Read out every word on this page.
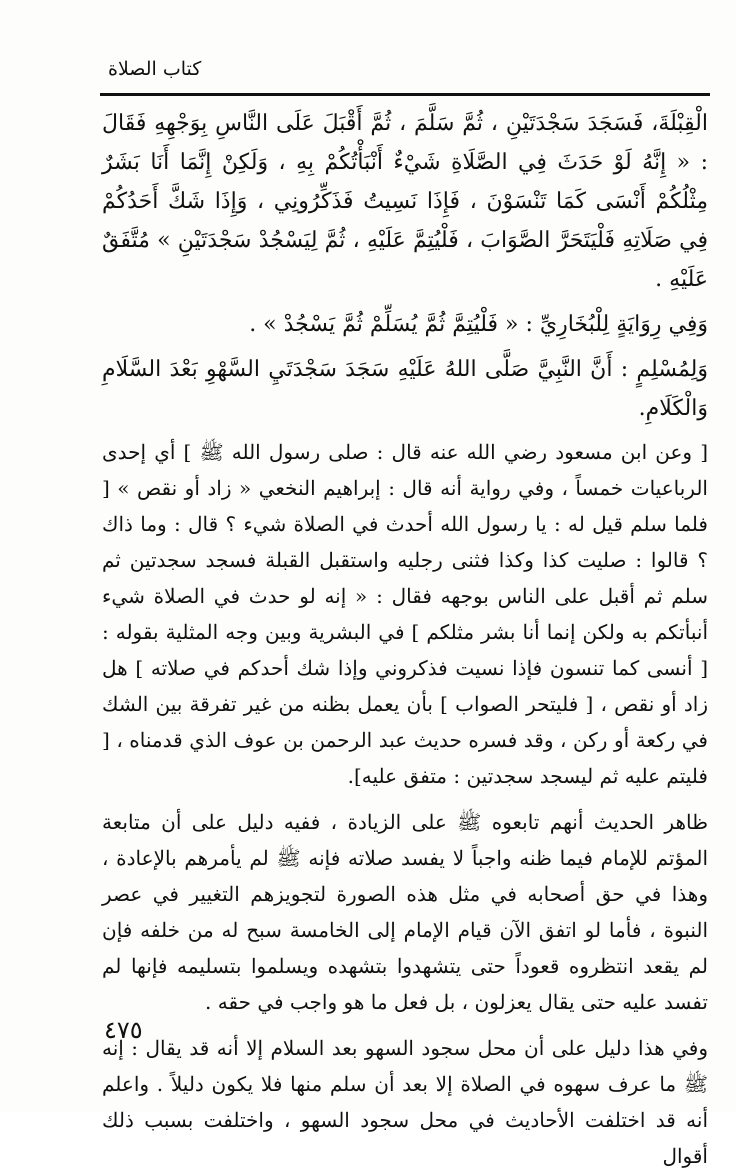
كتاب الصلاة

الْقِبْلَةَ، فَسَجَدَ سَجْدَتَيْنِ ، ثُمَّ سَلَّمَ ، ثُمَّ أَقْبَلَ عَلَى النَّاسِ بِوَجْهِهِ فَقَالَ : « إِنَّهُ لَوْ حَدَثَ فِي الصَّلَاةِ شَيْءٌ أَنْبَأْتُكُمْ بِهِ ، وَلَكِنْ إِنَّمَا أَنَا بَشَرٌ مِثْلُكُمْ أَنْسَى كَمَا تَنْسَوْنَ ، فَإِذَا نَسِيتُ فَذَكِّرُونِي ، وَإِذَا شَكَّ أَحَدُكُمْ فِي صَلَاتِهِ فَلْيَتَحَرَّ الصَّوَابَ ، فَلْيُتِمَّ عَلَيْهِ ، ثُمَّ لِيَسْجُدْ سَجْدَتَيْنِ » مُتَّفَقٌ عَلَيْهِ .

وَفِي رِوَايَةٍ لِلْبُخَارِيِّ : « فَلْيُتِمَّ ثُمَّ يُسَلِّمْ ثُمَّ يَسْجُدْ » .

وَلِمُسْلِمٍ : أَنَّ النَّبِيَّ صَلَّى اللهُ عَلَيْهِ سَجَدَ سَجْدَتَيِ السَّهْوِ بَعْدَ السَّلَامِ وَالْكَلَامِ.

[ وعن ابن مسعود رضي الله عنه قال : صلى رسول الله ﷺ ] أي إحدى الرباعيات خمساً ، وفي رواية أنه قال : إبراهيم النخعي « زاد أو نقص » [ فلما سلم قيل له : يا رسول الله أحدث في الصلاة شيء ؟ قال : وما ذاك ؟ قالوا : صليت كذا وكذا فثنى رجليه واستقبل القبلة فسجد سجدتين ثم سلم ثم أقبل على الناس بوجهه فقال : « إنه لو حدث في الصلاة شيء أنبأتكم به ولكن إنما أنا بشر مثلكم ] في البشرية وبين وجه المثلية بقوله : [ أنسى كما تنسون فإذا نسيت فذكروني وإذا شك أحدكم في صلاته ] هل زاد أو نقص ، [ فليتحر الصواب ] بأن يعمل بظنه من غير تفرقة بين الشك في ركعة أو ركن ، وقد فسره حديث عبد الرحمن بن عوف الذي قدمناه ، [ فليتم عليه ثم ليسجد سجدتين : متفق عليه].

ظاهر الحديث أنهم تابعوه ﷺ على الزيادة ، ففيه دليل على أن متابعة المؤتم للإمام فيما ظنه واجباً لا يفسد صلاته فإنه ﷺ لم يأمرهم بالإعادة ، وهذا في حق أصحابه في مثل هذه الصورة لتجويزهم التغيير في عصر النبوة ، فأما لو اتفق الآن قيام الإمام إلى الخامسة سبح له من خلفه فإن لم يقعد انتظروه قعوداً حتى يتشهدوا بتشهده ويسلموا بتسليمه فإنها لم تفسد عليه حتى يقال يعزلون ، بل فعل ما هو واجب في حقه .

وفي هذا دليل على أن محل سجود السهو بعد السلام إلا أنه قد يقال : إنه ﷺ ما عرف سهوه في الصلاة إلا بعد أن سلم منها فلا يكون دليلاً . واعلم أنه قد اختلفت الأحاديث في محل سجود السهو ، واختلفت بسبب ذلك أقوال

٤٧٥
